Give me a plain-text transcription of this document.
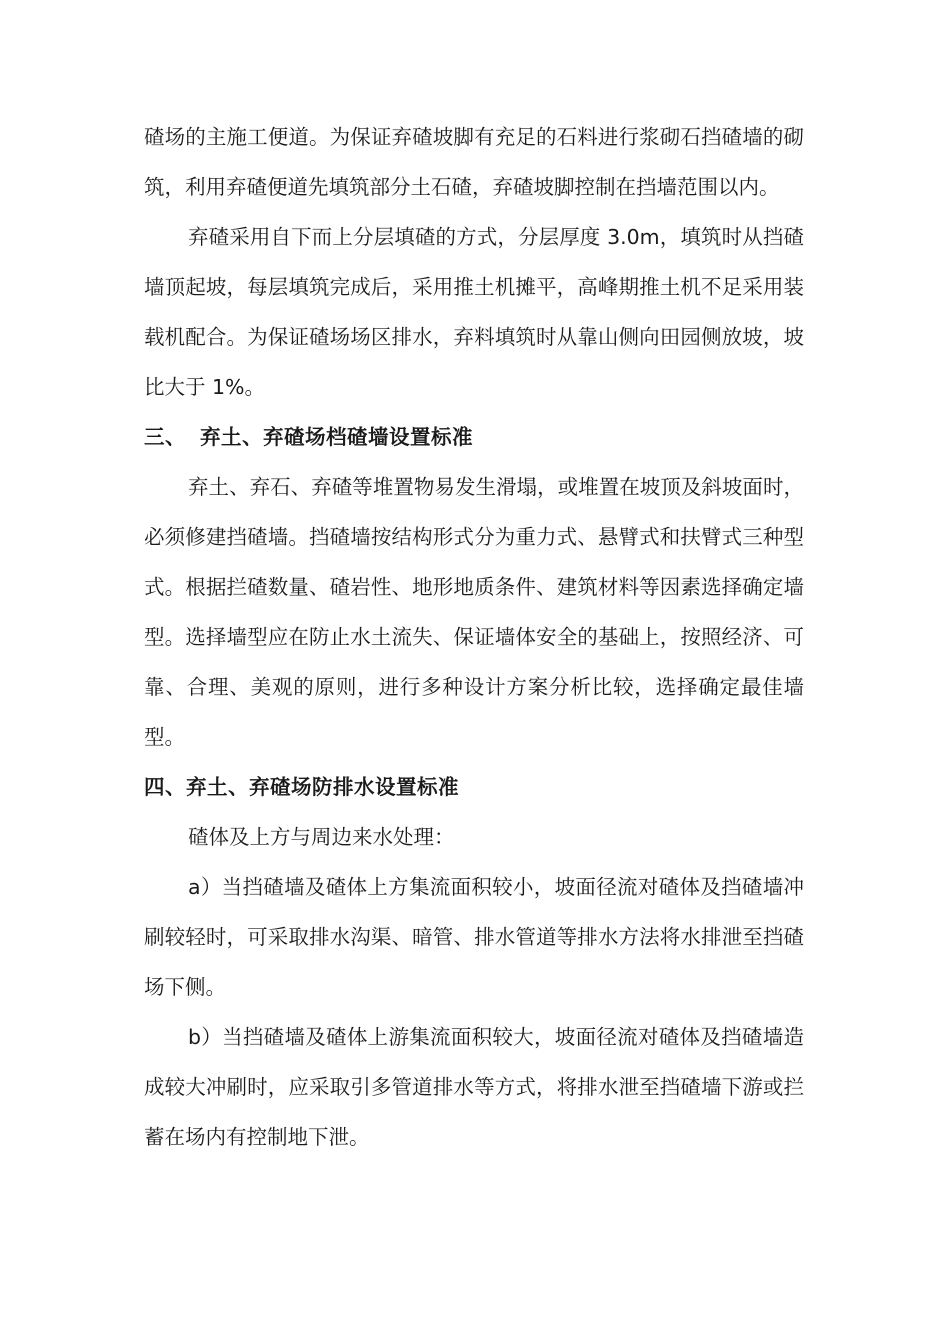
碴场的主施工便道。为保证弃碴坡脚有充足的石料进行浆砌石挡碴墙的砌筑，利用弃碴便道先填筑部分土石碴，弃碴坡脚控制在挡墙范围以内。

弃碴采用自下而上分层填碴的方式，分层厚度 3.0m，填筑时从挡碴墙顶起坡，每层填筑完成后，采用推土机摊平，高峰期推土机不足采用装载机配合。为保证碴场场区排水，弃料填筑时从靠山侧向田园侧放坡，坡比大于 1%。

三、 弃土、弃碴场档碴墙设置标准

弃土、弃石、弃碴等堆置物易发生滑塌，或堆置在坡顶及斜坡面时，必须修建挡碴墙。挡碴墙按结构形式分为重力式、悬臂式和扶臂式三种型式。根据拦碴数量、碴岩性、地形地质条件、建筑材料等因素选择确定墙型。选择墙型应在防止水土流失、保证墙体安全的基础上，按照经济、可靠、合理、美观的原则，进行多种设计方案分析比较，选择确定最佳墙型。

四、弃土、弃碴场防排水设置标准

碴体及上方与周边来水处理：

a）当挡碴墙及碴体上方集流面积较小，坡面径流对碴体及挡碴墙冲刷较轻时，可采取排水沟渠、暗管、排水管道等排水方法将水排泄至挡碴场下侧。

b）当挡碴墙及碴体上游集流面积较大，坡面径流对碴体及挡碴墙造成较大冲刷时，应采取引多管道排水等方式，将排水泄至挡碴墙下游或拦蓄在场内有控制地下泄。
